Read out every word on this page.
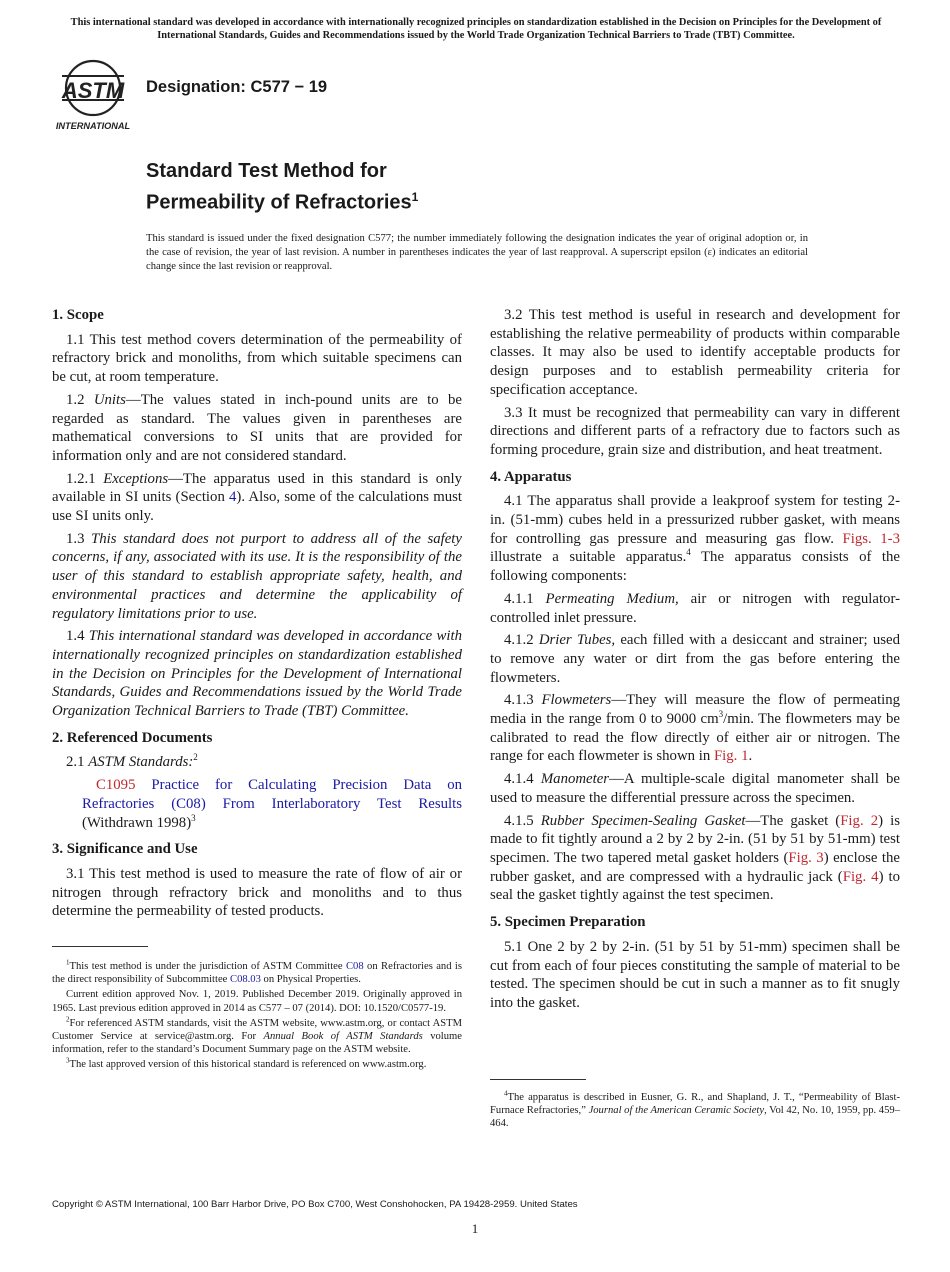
This international standard was developed in accordance with internationally recognized principles on standardization established in the Decision on Principles for the Development of International Standards, Guides and Recommendations issued by the World Trade Organization Technical Barriers to Trade (TBT) Committee.
ASTM
INTERNATIONAL
Designation: C577 − 19
Standard Test Method for
Permeability of Refractories$^1$
This standard is issued under the fixed designation C577; the number immediately following the designation indicates the year of original adoption or, in the case of revision, the year of last revision. A number in parentheses indicates the year of last reapproval. A superscript epsilon (ε) indicates an editorial change since the last revision or reapproval.
1. Scope

1.1 This test method covers determination of the permeability of refractory brick and monoliths, from which suitable specimens can be cut, at room temperature.

1.2 Units—The values stated in inch-pound units are to be regarded as standard. The values given in parentheses are mathematical conversions to SI units that are provided for information only and are not considered standard.

1.2.1 Exceptions—The apparatus used in this standard is only available in SI units (Section 4). Also, some of the calculations must use SI units only.

1.3 This standard does not purport to address all of the safety concerns, if any, associated with its use. It is the responsibility of the user of this standard to establish appropriate safety, health, and environmental practices and determine the applicability of regulatory limitations prior to use.

1.4 This international standard was developed in accordance with internationally recognized principles on standardization established in the Decision on Principles for the Development of International Standards, Guides and Recommendations issued by the World Trade Organization Technical Barriers to Trade (TBT) Committee.

2. Referenced Documents

2.1 ASTM Standards:$^2$

C1095 Practice for Calculating Precision Data on Refractories (C08) From Interlaboratory Test Results (Withdrawn 1998)$^3$

3. Significance and Use

3.1 This test method is used to measure the rate of flow of air or nitrogen through refractory brick and monoliths and to thus determine the permeability of tested products.

3.2 This test method is useful in research and development for establishing the relative permeability of products within comparable classes. It may also be used to identify acceptable products for design purposes and to establish permeability criteria for specification acceptance.

3.3 It must be recognized that permeability can vary in different directions and different parts of a refractory due to factors such as forming procedure, grain size and distribution, and heat treatment.

4. Apparatus

4.1 The apparatus shall provide a leakproof system for testing 2-in. (51-mm) cubes held in a pressurized rubber gasket, with means for controlling gas pressure and measuring gas flow. Figs. 1-3 illustrate a suitable apparatus.$^4$ The apparatus consists of the following components:

4.1.1 Permeating Medium, air or nitrogen with regulator-controlled inlet pressure.

4.1.2 Drier Tubes, each filled with a desiccant and strainer; used to remove any water or dirt from the gas before entering the flowmeters.

4.1.3 Flowmeters—They will measure the flow of permeating media in the range from 0 to 9000 $cm^3/\min$. The flowmeters may be calibrated to read the flow directly of either air or nitrogen. The range for each flowmeter is shown in Fig. 1.

4.1.4 Manometer—A multiple-scale digital manometer shall be used to measure the differential pressure across the specimen.

4.1.5 Rubber Specimen-Sealing Gasket—The gasket (Fig. 2) is made to fit tightly around a 2 by 2 by 2-in. (51 by 51 by 51-mm) test specimen. The two tapered metal gasket holders (Fig. 3) enclose the rubber gasket, and are compressed with a hydraulic jack (Fig. 4) to seal the gasket tightly against the test specimen.

5. Specimen Preparation

5.1 One 2 by 2 by 2-in. (51 by 51 by 51-mm) specimen shall be cut from each of four pieces constituting the sample of material to be tested. The specimen should be cut in such a manner as to fit snugly into the gasket.

$^1$This test method is under the jurisdiction of ASTM Committee C08 on Refractories and is the direct responsibility of Subcommittee C08.03 on Physical Properties.

Current edition approved Nov. 1, 2019. Published December 2019. Originally approved in 1965. Last previous edition approved in 2014 as C577 – 07 (2014). DOI: 10.1520/C0577-19.

$^2$For referenced ASTM standards, visit the ASTM website, www.astm.org, or contact ASTM Customer Service at service@astm.org. For Annual Book of ASTM Standards volume information, refer to the standard’s Document Summary page on the ASTM website.

$^3$The last approved version of this historical standard is referenced on www.astm.org.

$^4$The apparatus is described in Eusner, G. R., and Shapland, J. T., “Permeability of Blast-Furnace Refractories,” Journal of the American Ceramic Society, Vol 42, No. 10, 1959, pp. 459–464.

Copyright © ASTM International, 100 Barr Harbor Drive, PO Box C700, West Conshohocken, PA 19428-2959. United States
1
